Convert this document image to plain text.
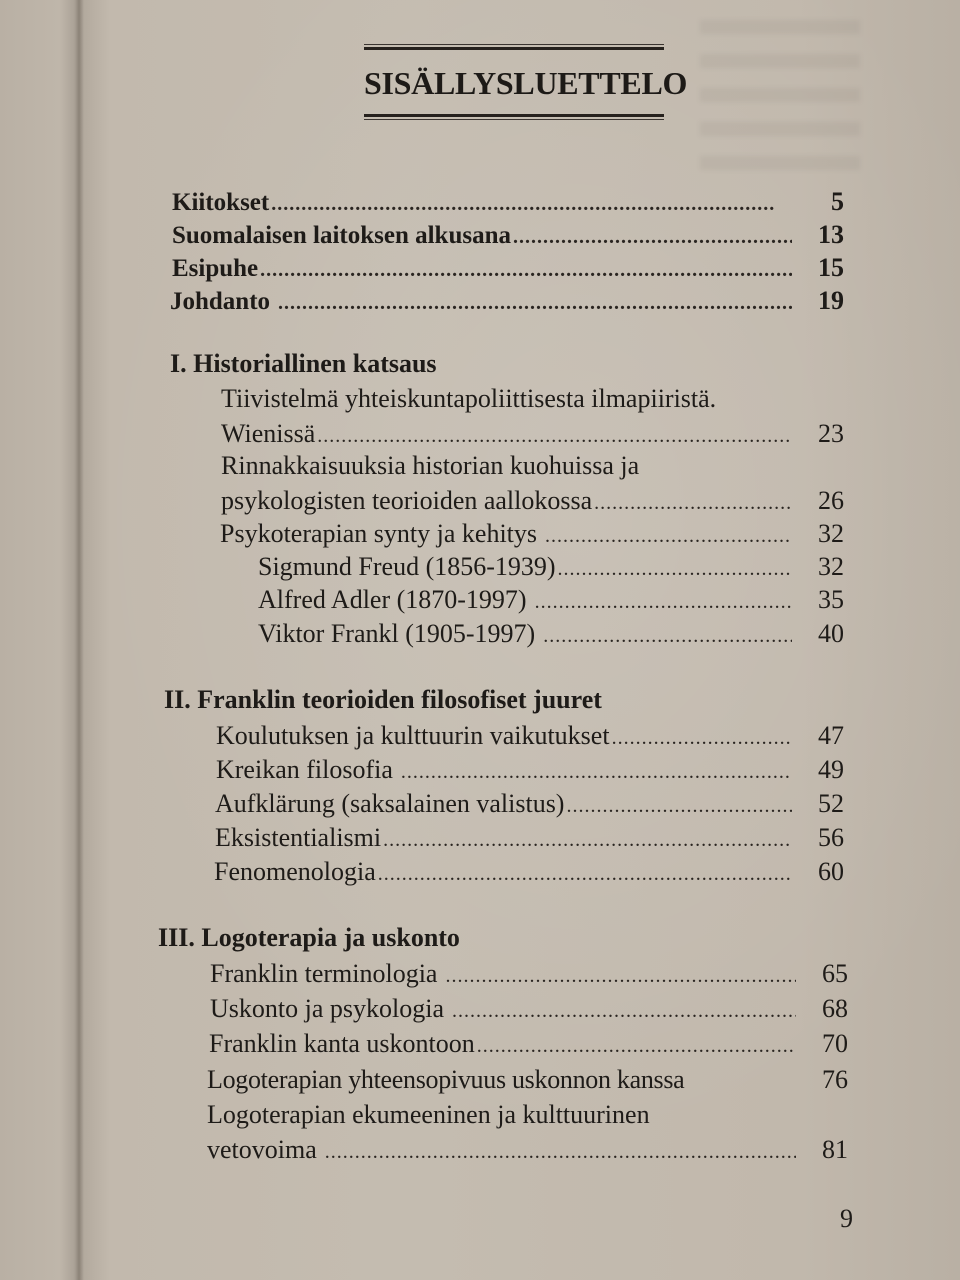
SISÄLLYSLUETTELO
Kiitokset .....	5
Suomalaisen laitoksen alkusana .....	13
Esipuhe .....	15
Johdanto .....	19
I. Historiallinen katsaus
Tiivistelmä yhteiskuntapoliittisesta ilmapiiristä.
Wienissä .....	23
Rinnakkaisuuksia historian kuohuissa ja
psykologisten teorioiden aallokossa .....	26
Psykoterapian synty ja kehitys .....	32
Sigmund Freud (1856-1939) .....	32
Alfred Adler (1870-1997) .....	35
Viktor Frankl (1905-1997) .....	40
II. Franklin teorioiden filosofiset juuret
Koulutuksen ja kulttuurin vaikutukset .....	47
Kreikan filosofia .....	49
Aufklärung (saksalainen valistus) .....	52
Eksistentialismi .....	56
Fenomenologia .....	60
III. Logoterapia ja uskonto
Franklin terminologia .....	65
Uskonto ja psykologia .....	68
Franklin kanta uskontoon .....	70
Logoterapian yhteensopivuus uskonnon kanssa	76
Logoterapian ekumeeninen ja kulttuurinen
vetovoima .....	81
9
